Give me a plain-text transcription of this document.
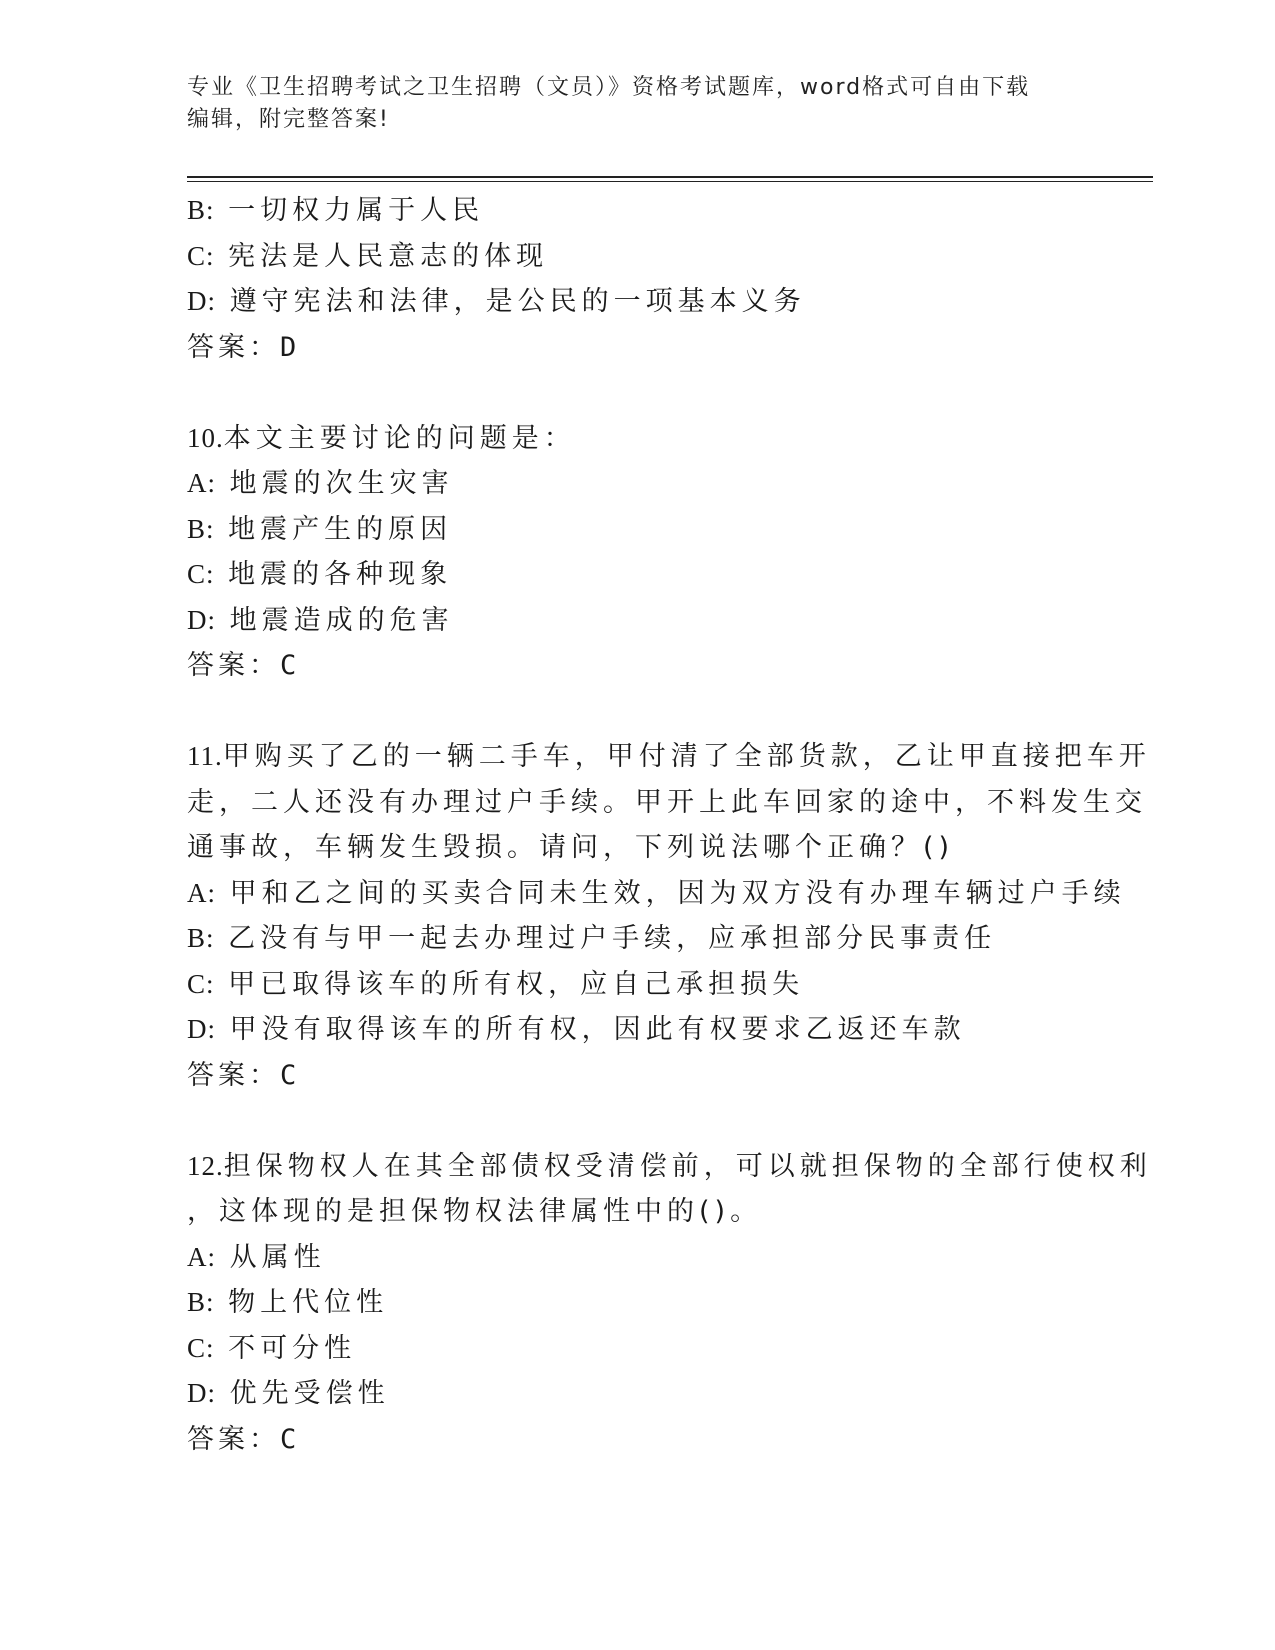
专业《卫生招聘考试之卫生招聘（文员）》资格考试题库，word格式可自由下载
编辑，附完整答案!
B: 一切权力属于人民
C: 宪法是人民意志的体现
D: 遵守宪法和法律，是公民的一项基本义务
答案：D
10.本文主要讨论的问题是：
A: 地震的次生灾害
B: 地震产生的原因
C: 地震的各种现象
D: 地震造成的危害
答案：C
11.甲购买了乙的一辆二手车，甲付清了全部货款，乙让甲直接把车开
走，二人还没有办理过户手续。甲开上此车回家的途中，不料发生交
通事故，车辆发生毁损。请问，下列说法哪个正确？()
A: 甲和乙之间的买卖合同未生效，因为双方没有办理车辆过户手续
B: 乙没有与甲一起去办理过户手续，应承担部分民事责任
C: 甲已取得该车的所有权，应自己承担损失
D: 甲没有取得该车的所有权，因此有权要求乙返还车款
答案：C
12.担保物权人在其全部债权受清偿前，可以就担保物的全部行使权利
，这体现的是担保物权法律属性中的()。
A: 从属性
B: 物上代位性
C: 不可分性
D: 优先受偿性
答案：C
